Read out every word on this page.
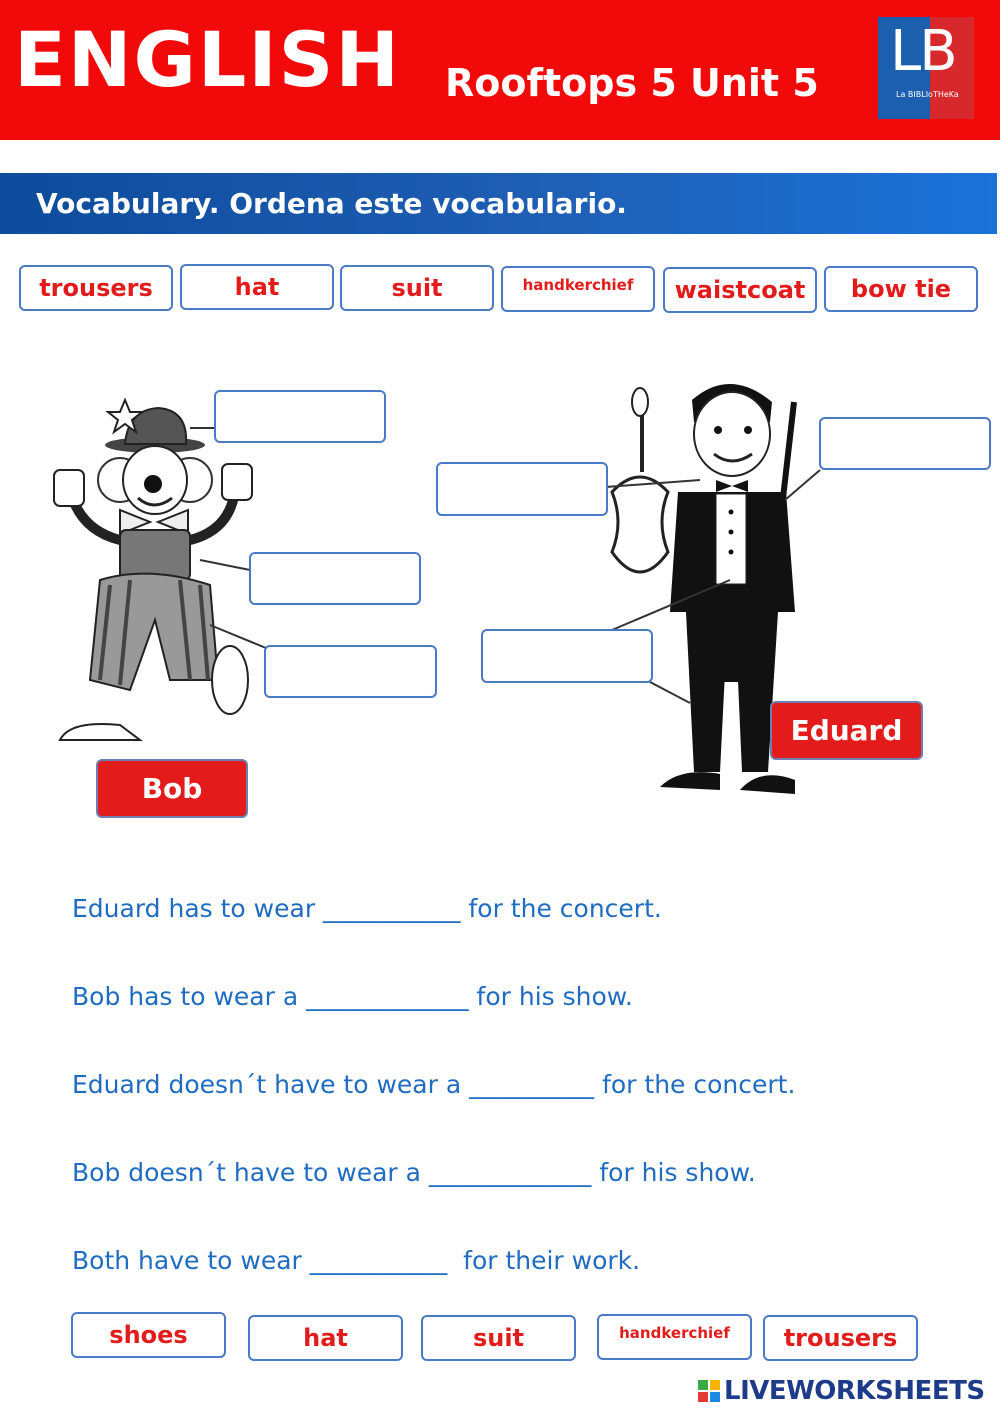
ENGLISH Rooftops 5 Unit 5 LB
La BIBLIoTHeKa
Vocabulary. Ordena este vocabulario.
trousers	hat	suit	handkerchief	waistcoat	bow tie
Bob
Eduard
Eduard has to wear ___________ for the concert.
Bob has to wear a _____________ for his show.
Eduard doesn´t have to wear a __________ for the concert.
Bob doesn´t have to wear a _____________ for his show.
Both have to wear ___________  for their work.
shoes	hat	suit	handkerchief	trousers
LIVEWORKSHEETS
